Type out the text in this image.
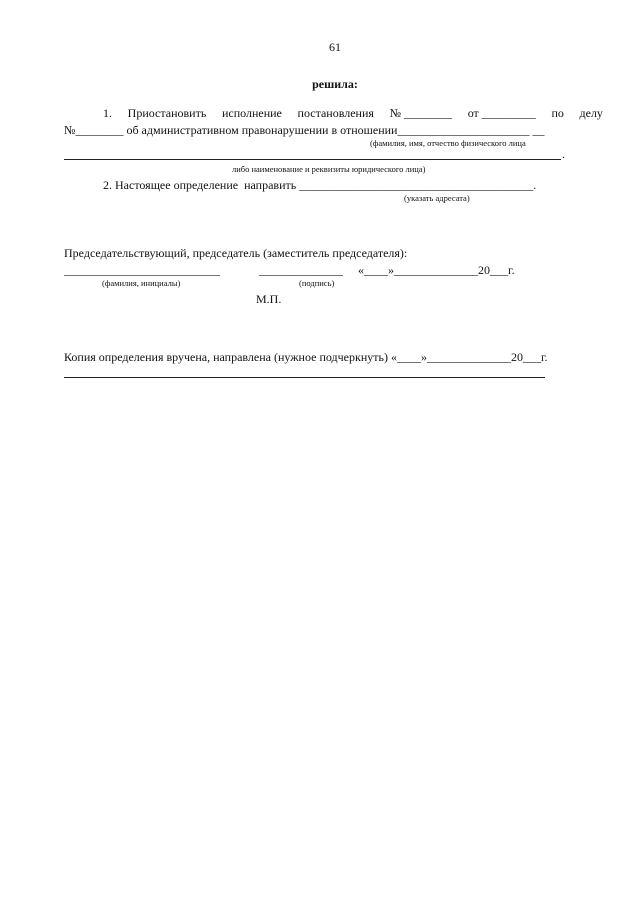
61
решила:
1. Приостановить исполнение постановления № ________ от _________ по делу
№________ об административном правонарушении в отношении______________________ __
(фамилия, имя, отчество физического лица
.
либо наименование и реквизиты юридического лица)
2. Настоящее определение  направить _______________________________________.
(указать адресата)
Председательствующий, председатель (заместитель председателя):
__________________________             ______________     «____»______________20___г.
(фамилия, инициалы)	(подпись)
М.П.
Копия определения вручена, направлена (нужное подчеркнуть) «____»______________20___г.
